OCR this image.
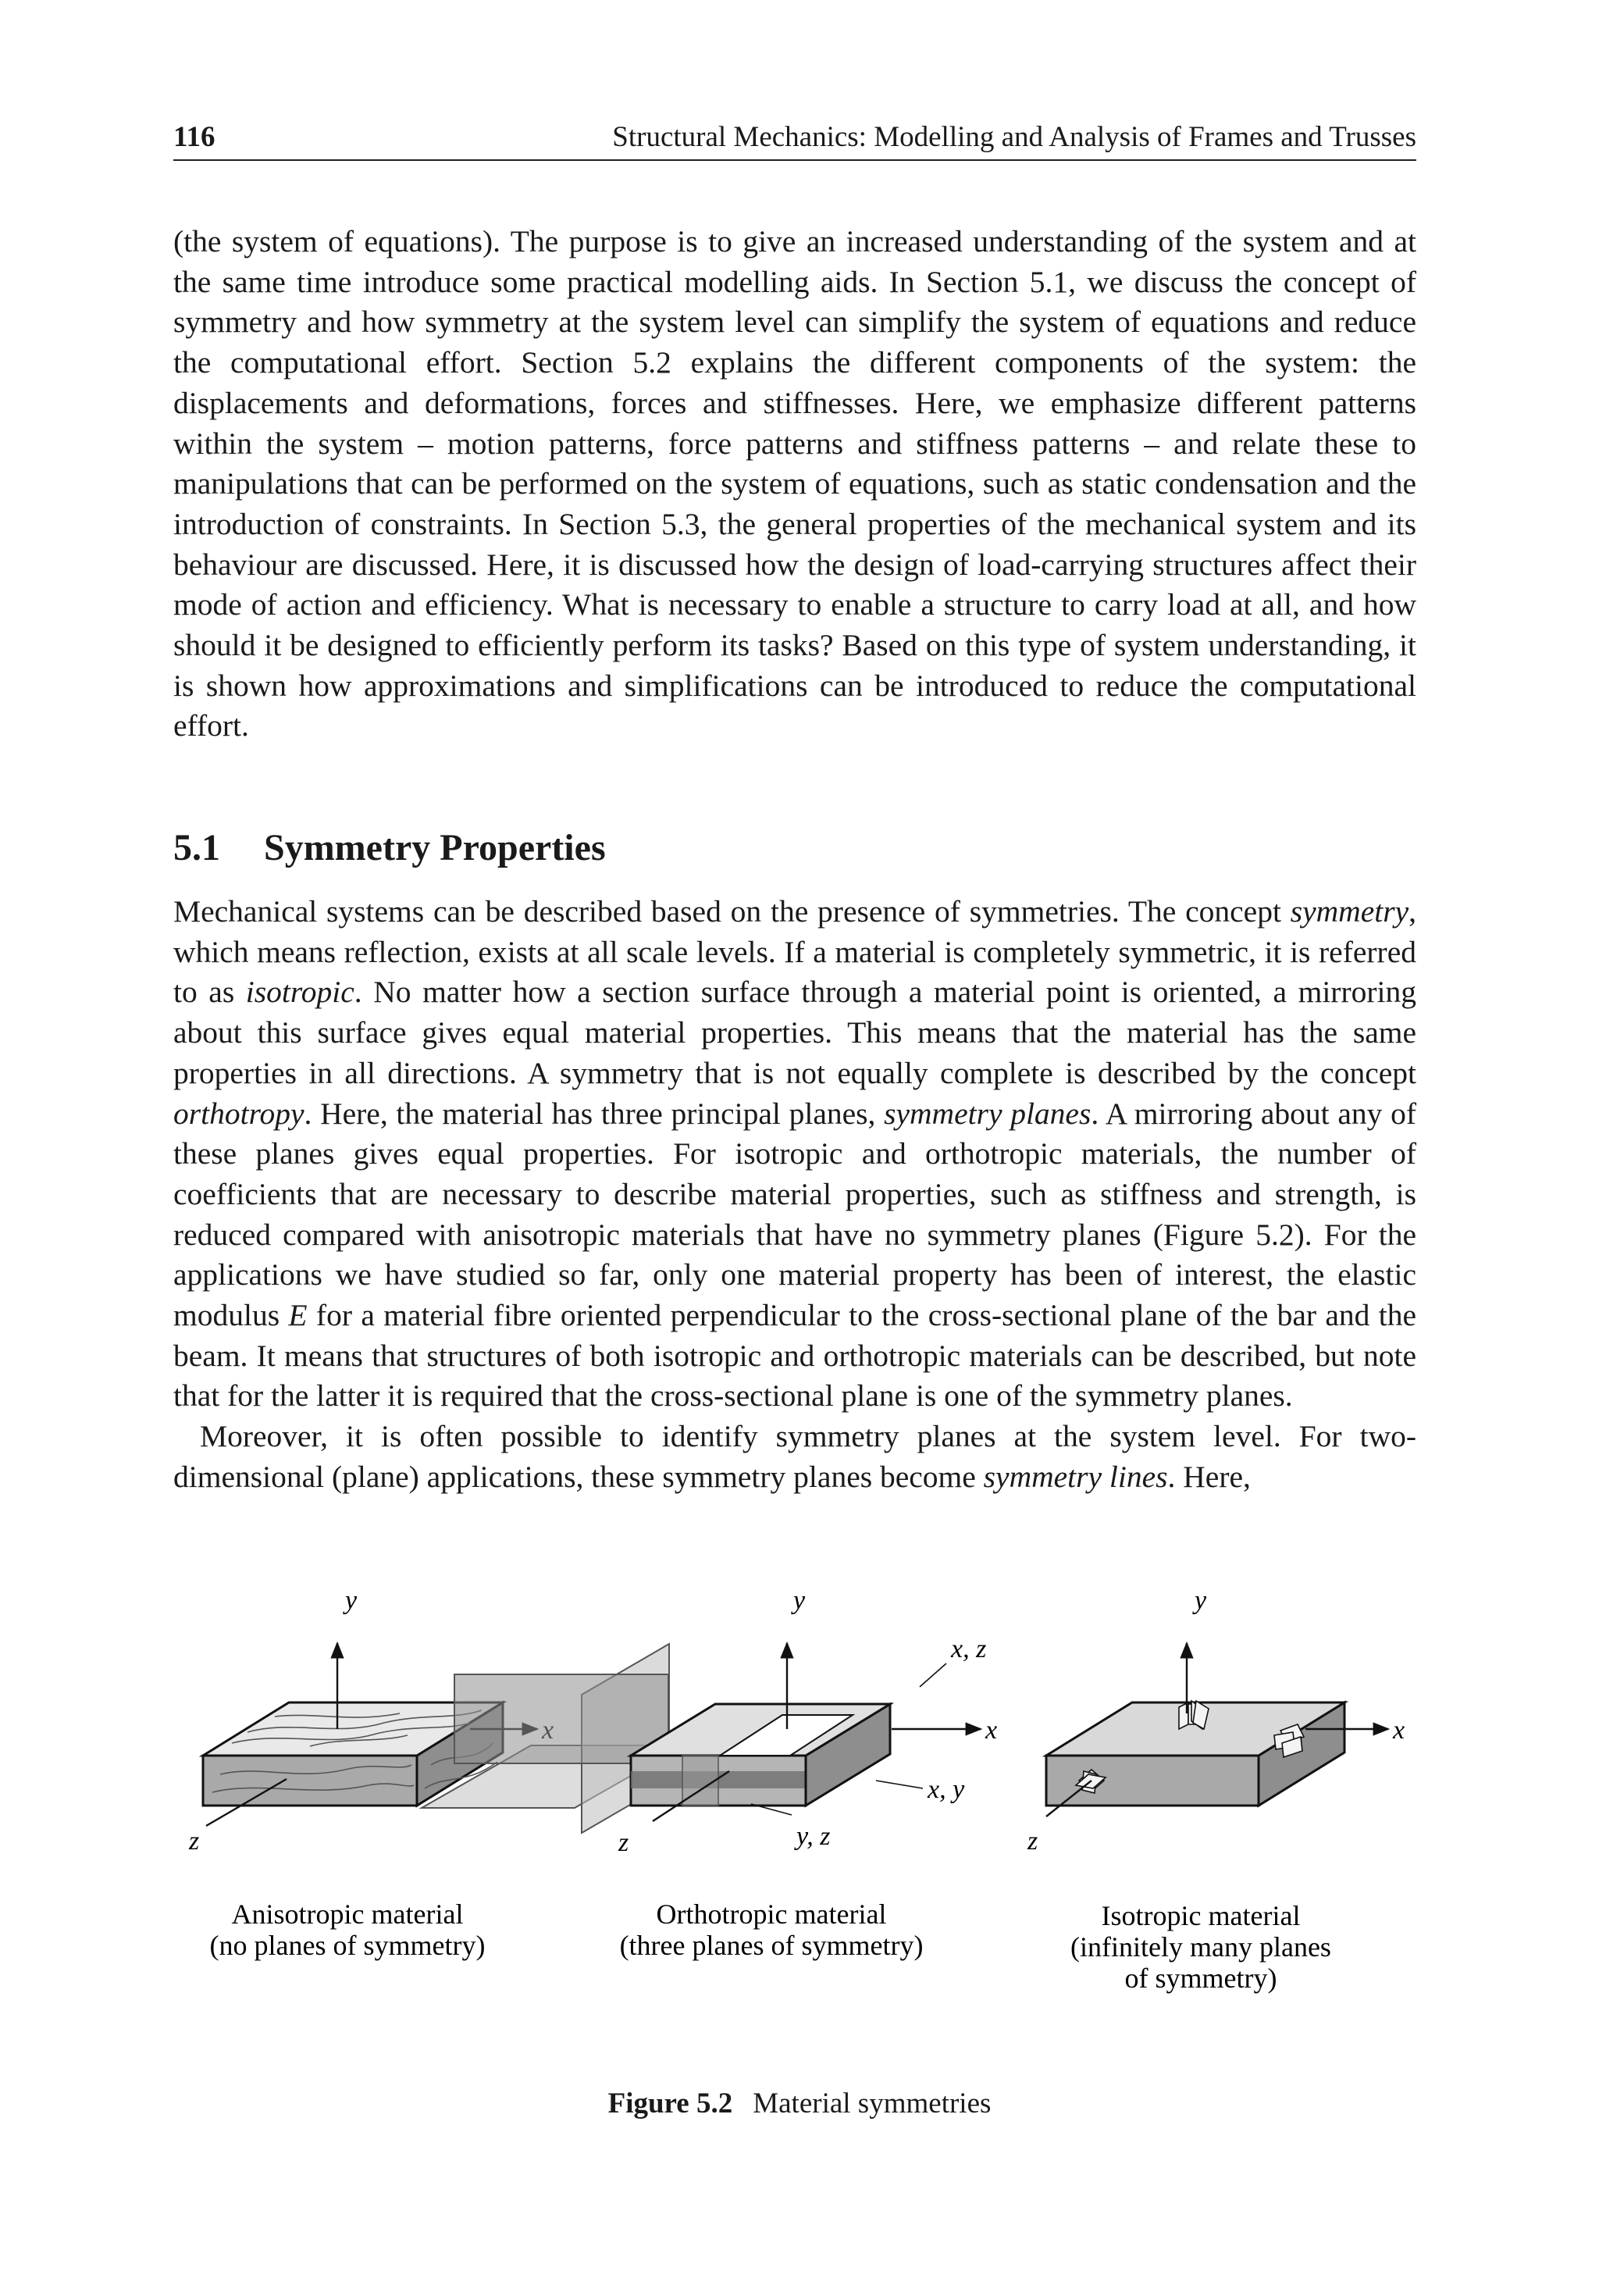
116	Structural Mechanics: Modelling and Analysis of Frames and Trusses

(the system of equations). The purpose is to give an increased understanding of the system and at the same time introduce some practical modelling aids. In Section 5.1, we discuss the concept of symmetry and how symmetry at the system level can simplify the system of equations and reduce the computational effort. Section 5.2 explains the different components of the system: the displacements and deformations, forces and stiffnesses. Here, we emphasize different patterns within the system – motion patterns, force patterns and stiffness patterns – and relate these to manipulations that can be performed on the system of equations, such as static condensation and the introduction of constraints. In Section 5.3, the general properties of the mechanical system and its behaviour are discussed. Here, it is discussed how the design of load-carrying structures affect their mode of action and efficiency. What is necessary to enable a structure to carry load at all, and how should it be designed to efficiently perform its tasks? Based on this type of system understanding, it is shown how approximations and simplifications can be introduced to reduce the computational effort.

5.1 Symmetry Properties

Mechanical systems can be described based on the presence of symmetries. The concept symmetry, which means reflection, exists at all scale levels. If a material is completely symmetric, it is referred to as isotropic. No matter how a section surface through a material point is oriented, a mirroring about this surface gives equal material properties. This means that the material has the same properties in all directions. A symmetry that is not equally complete is described by the concept orthotropy. Here, the material has three principal planes, symmetry planes. A mirroring about any of these planes gives equal properties. For isotropic and orthotropic materials, the number of coefficients that are necessary to describe material properties, such as stiffness and strength, is reduced compared with anisotropic materials that have no symmetry planes (Figure 5.2). For the applications we have studied so far, only one material property has been of interest, the elastic modulus E for a material fibre oriented perpendicular to the cross-sectional plane of the bar and the beam. It means that structures of both isotropic and orthotropic materials can be described, but note that for the latter it is required that the cross-sectional plane is one of the symmetry planes.

Moreover, it is often possible to identify symmetry planes at the system level. For two-dimensional (plane) applications, these symmetry planes become symmetry lines. Here,

y
z
Anisotropic material
(no planes of symmetry)
y
x
z
x, z
x, y
y, z
Orthotropic material
(three planes of symmetry)
y
x
z
Isotropic material
(infinitely many planes
of symmetry)
Figure 5.2 Material symmetries
